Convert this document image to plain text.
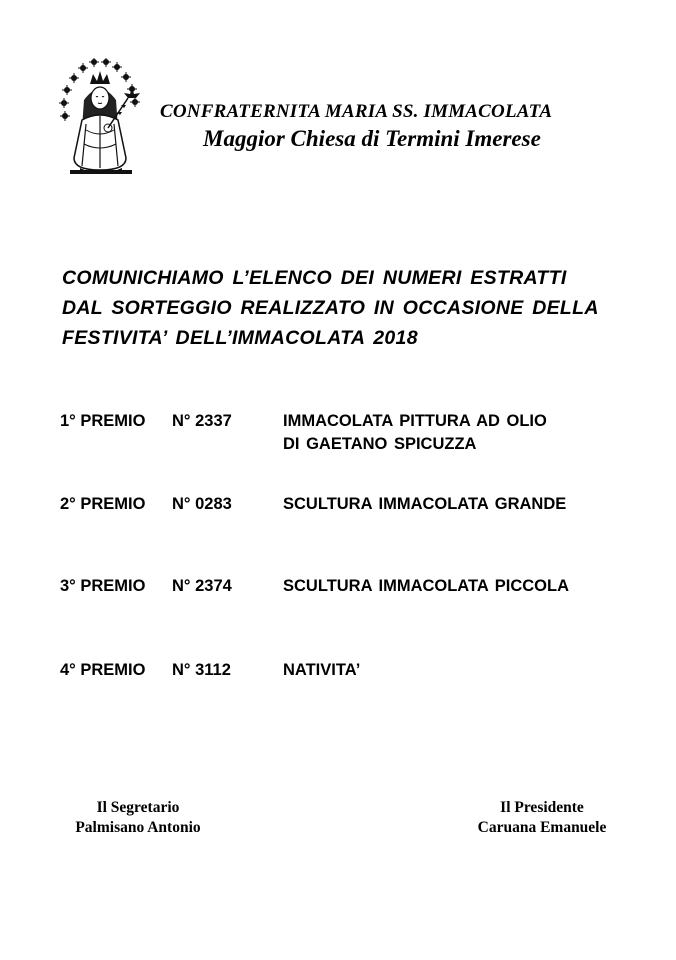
CONFRATERNITA MARIA SS. IMMACOLATA
Maggior Chiesa di Termini Imerese
COMUNICHIAMO L’ELENCO DEI NUMERI ESTRATTI
DAL SORTEGGIO REALIZZATO IN OCCASIONE DELLA
FESTIVITA’ DELL’IMMACOLATA 2018
1° PREMIO	N° 2337	IMMACOLATA PITTURA AD OLIO
DI GAETANO SPICUZZA
2° PREMIO	N° 0283	SCULTURA IMMACOLATA GRANDE
3° PREMIO	N° 2374	SCULTURA IMMACOLATA PICCOLA
4° PREMIO	N° 3112	NATIVITA’
Il Segretario
Palmisano Antonio
Il Presidente
Caruana Emanuele
